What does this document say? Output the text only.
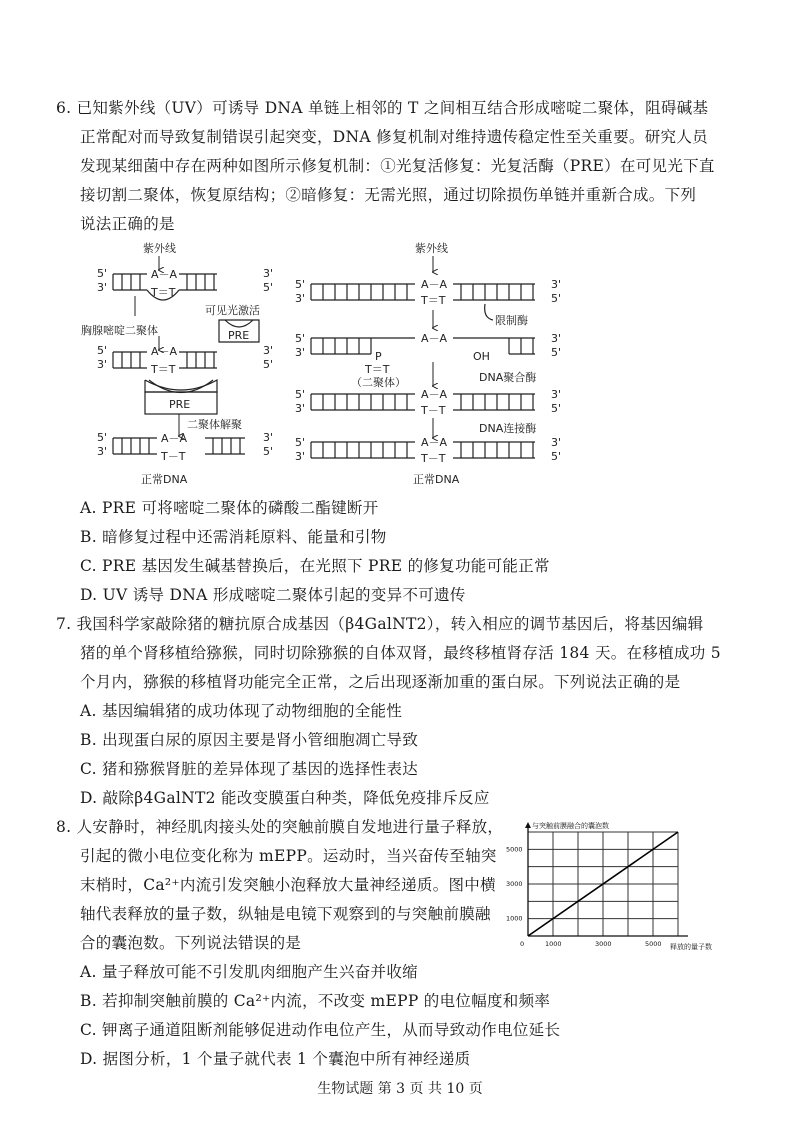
6. 已知紫外线（UV）可诱导 DNA 单链上相邻的 T 之间相互结合形成嘧啶二聚体，阻碍碱基
正常配对而导致复制错误引起突变，DNA 修复机制对维持遗传稳定性至关重要。研究人员
发现某细菌中存在两种如图所示修复机制：①光复活修复：光复活酶（PRE）在可见光下直
接切割二聚体，恢复原结构；②暗修复：无需光照，通过切除损伤单链并重新合成。下列
说法正确的是
紫外线
5'
3'
A－A
T＝T
3'
5'
胸腺嘧啶二聚体
可见光激活
PRE
5'
3'
A－A
T＝T
3'
5'
PRE
二聚体解聚
5'
3'
A－A
T－T
3'
5'
正常DNA
紫外线
5'
3'
A－A
T＝T
3'
5'
限制酶
5'
3'
A－A
P
T＝T
（二聚体）
OH
3'
5'
DNA聚合酶
5'
3'
A－A
T－T
3'
5'
DNA连接酶
5'
3'
A－A
T－T
3'
5'
正常DNA
A. PRE 可将嘧啶二聚体的磷酸二酯键断开
B. 暗修复过程中还需消耗原料、能量和引物
C. PRE 基因发生碱基替换后，在光照下 PRE 的修复功能可能正常
D. UV 诱导 DNA 形成嘧啶二聚体引起的变异不可遗传
7. 我国科学家敲除猪的糖抗原合成基因（β4GalNT2），转入相应的调节基因后，将基因编辑
猪的单个肾移植给猕猴，同时切除猕猴的自体双肾，最终移植肾存活 184 天。在移植成功 5
个月内，猕猴的移植肾功能完全正常，之后出现逐渐加重的蛋白尿。下列说法正确的是
A. 基因编辑猪的成功体现了动物细胞的全能性
B. 出现蛋白尿的原因主要是肾小管细胞凋亡导致
C. 猪和猕猴肾脏的差异体现了基因的选择性表达
D. 敲除β4GalNT2 能改变膜蛋白种类，降低免疫排斥反应
8. 人安静时，神经肌肉接头处的突触前膜自发地进行量子释放，
引起的微小电位变化称为 mEPP。运动时，当兴奋传至轴突
末梢时，Ca²⁺内流引发突触小泡释放大量神经递质。图中横
轴代表释放的量子数，纵轴是电镜下观察到的与突触前膜融
合的囊泡数。下列说法错误的是
与突触前膜融合的囊泡数
释放的量子数
0	1000	3000	5000
1000
3000
5000
A. 量子释放可能不引发肌肉细胞产生兴奋并收缩
B. 若抑制突触前膜的 Ca²⁺内流，不改变 mEPP 的电位幅度和频率
C. 钾离子通道阻断剂能够促进动作电位产生，从而导致动作电位延长
D. 据图分析，1 个量子就代表 1 个囊泡中所有神经递质
生物试题 第 3 页 共 10 页
